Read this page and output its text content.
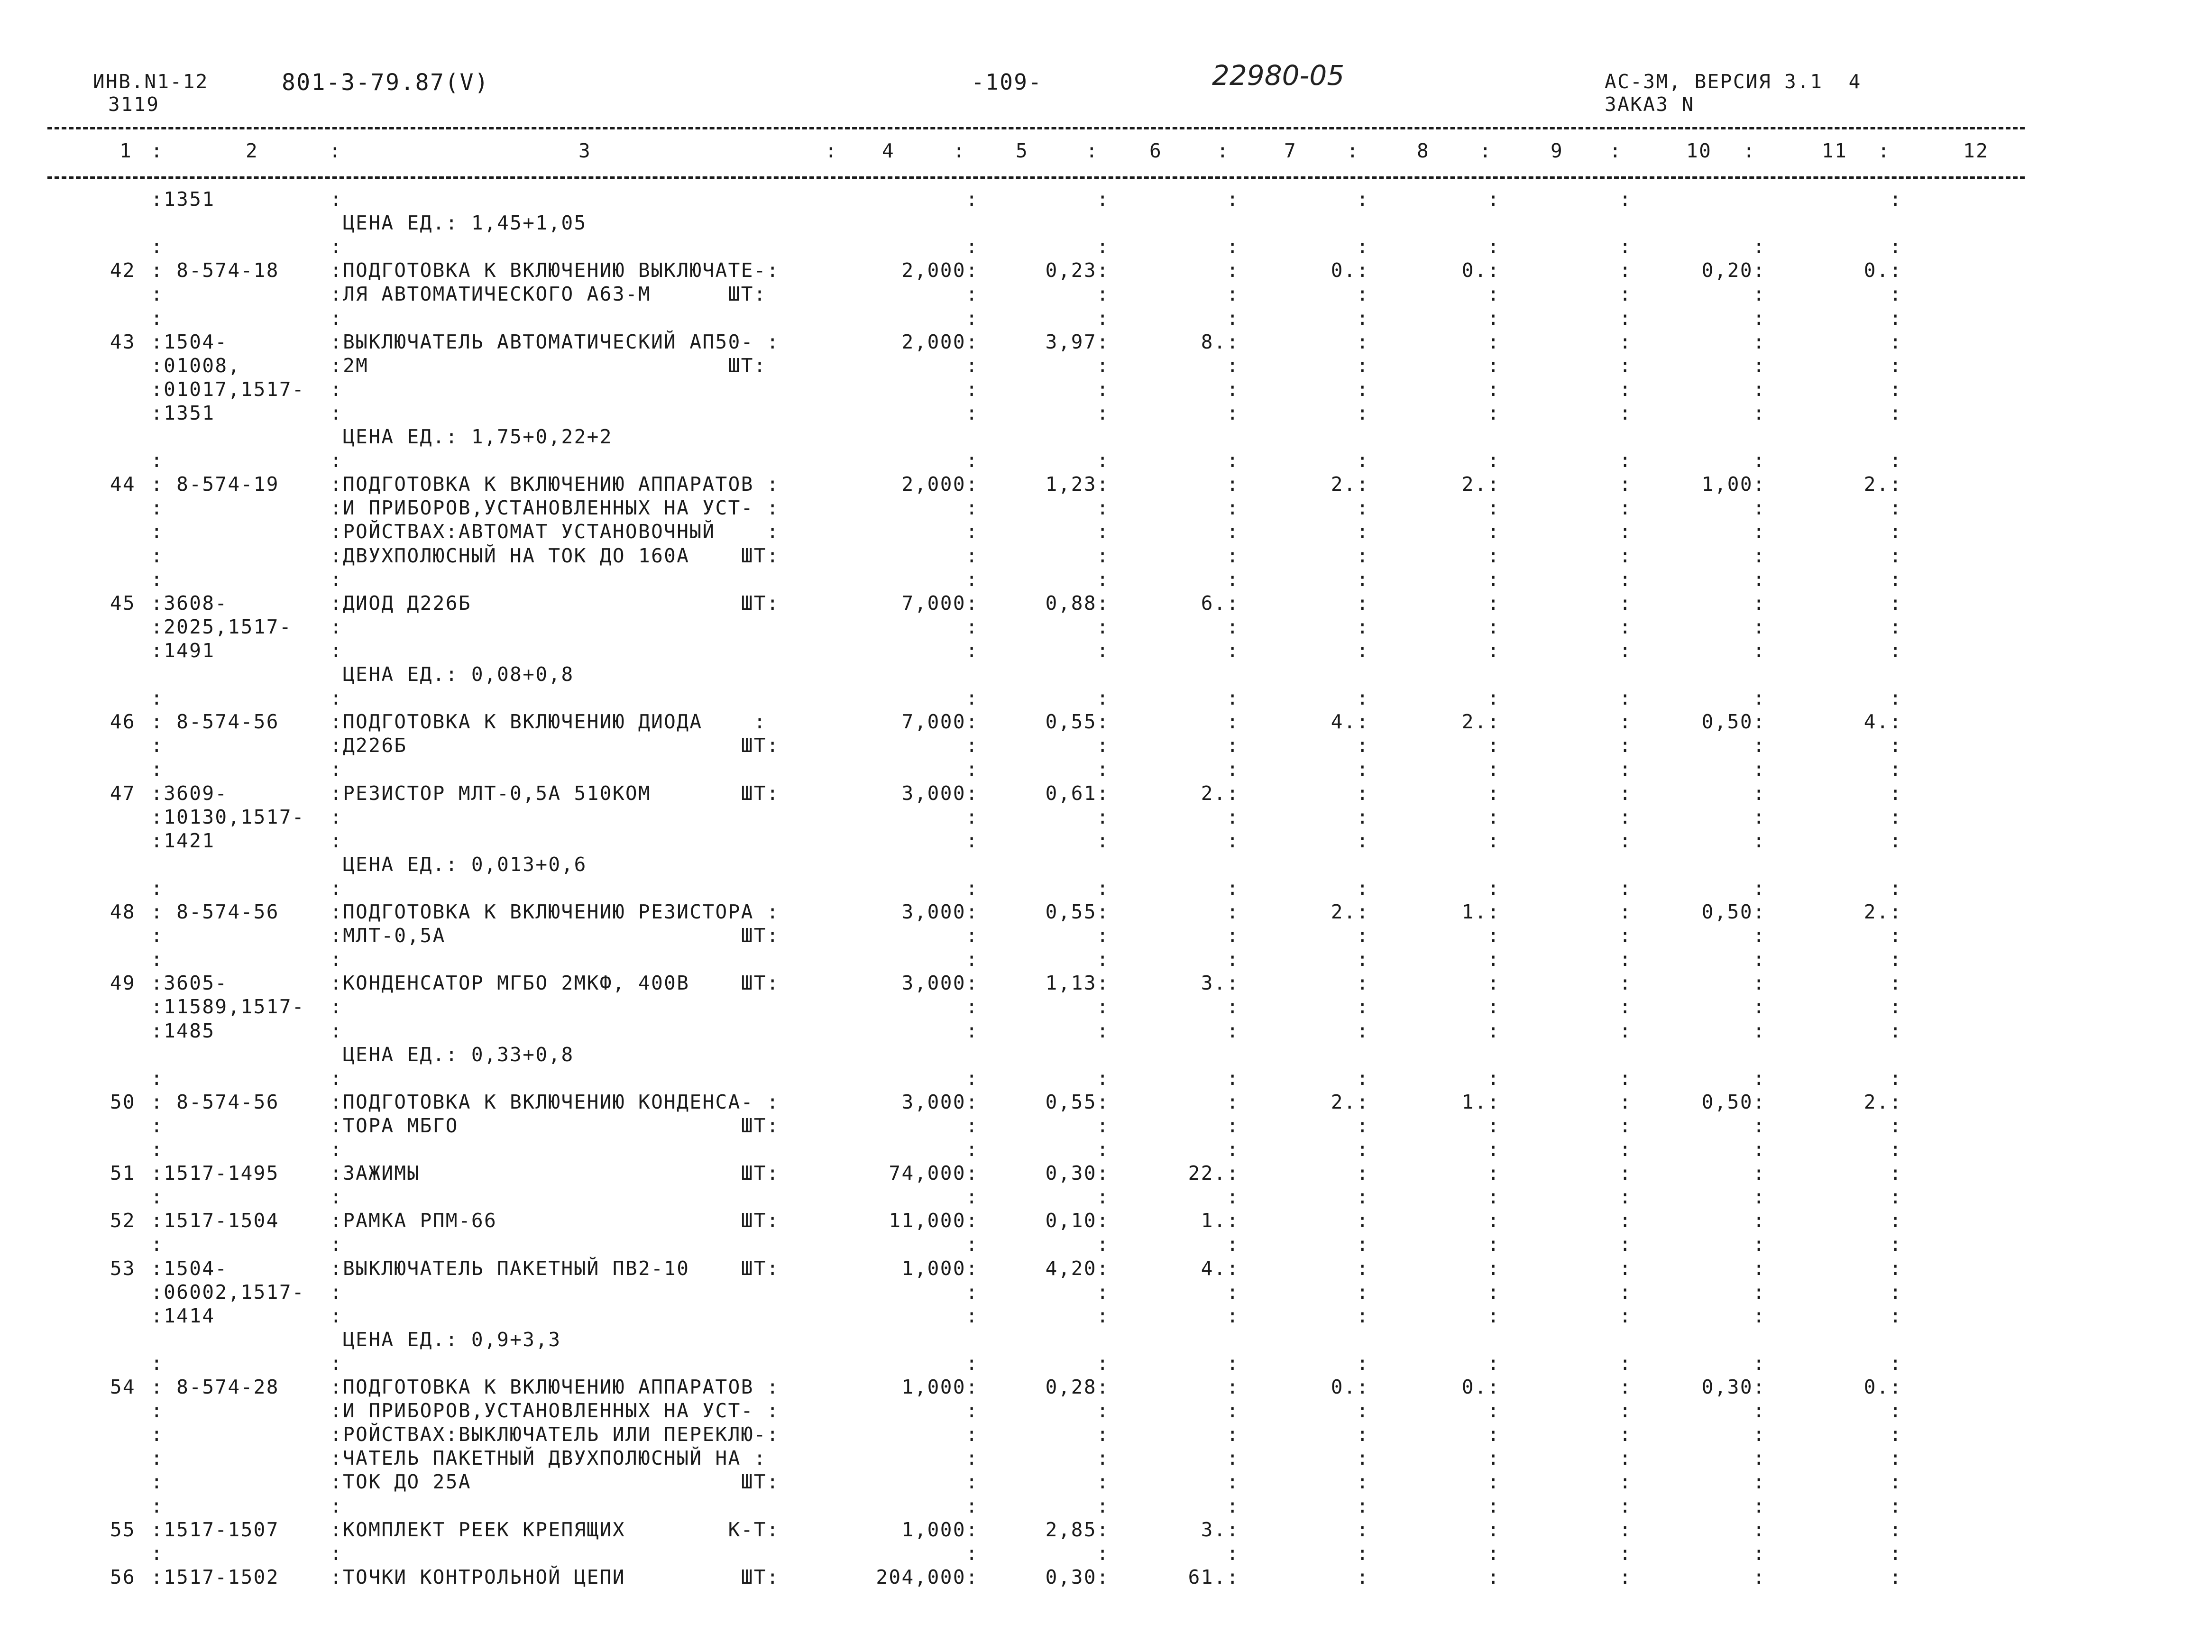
ИНВ.N1-12
3119
801-3-79.87(V)	-109-	22980-05	АС-3М, ВЕРСИЯ 3.1  4
ЗАКАЗ N
1	2	3	4	5	6	7	8	9	10	11	12
:	:	:	:	:	:	:	:	:	:	:
:1351	:	:	:	:	:	:	:	:
ЦЕНА ЕД.: 1,45+1,05
:	:	:	:	:	:	:	:	:	:
42 : 8-574-18	:ПОДГОТОВКА К ВКЛЮЧЕНИЮ ВЫКЛЮЧАТЕ-:	2,000:	0,23:	:	0.:	0.:	:	0,20:	0.:
:	:ЛЯ АВТОМАТИЧЕСКОГО А63-М      ШТ:	:	:	:	:	:	:	:	:
:	:	:	:	:	:	:	:	:	:
43 :1504-	:ВЫКЛЮЧАТЕЛЬ АВТОМАТИЧЕСКИЙ АП50- :	2,000:	3,97:	8.:	:	:	:	:	:
:01008,	:2М                            ШТ:	:	:	:	:	:	:	:	:
:01017,1517- :	:	:	:	:	:	:	:	:
:1351	:	:	:	:	:	:	:	:	:
ЦЕНА ЕД.: 1,75+0,22+2
:	:	:	:	:	:	:	:	:	:
44 : 8-574-19	:ПОДГОТОВКА К ВКЛЮЧЕНИЮ АППАРАТОВ :	2,000:	1,23:	:	2.:	2.:	:	1,00:	2.:
:	:И ПРИБОРОВ,УСТАНОВЛЕННЫХ НА УСТ- :	:	:	:	:	:	:	:	:
:	:РОЙСТВАХ:АВТОМАТ УСТАНОВОЧНЫЙ    :	:	:	:	:	:	:	:	:
:	:ДВУХПОЛЮСНЫЙ НА ТОК ДО 160А    ШТ:	:	:	:	:	:	:	:	:
:	:	:	:	:	:	:	:	:	:
45 :3608-	:ДИОД Д226Б                     ШТ:	7,000:	0,88:	6.:	:	:	:	:	:
:2025,1517- :	:	:	:	:	:	:	:	:
:1491	:	:	:	:	:	:	:	:	:
ЦЕНА ЕД.: 0,08+0,8
:	:	:	:	:	:	:	:	:	:
46 : 8-574-56	:ПОДГОТОВКА К ВКЛЮЧЕНИЮ ДИОДА    :	7,000:	0,55:	:	4.:	2.:	:	0,50:	4.:
:	:Д226Б                          ШТ:	:	:	:	:	:	:	:	:
:	:	:	:	:	:	:	:	:	:
47 :3609-	:РЕЗИСТОР МЛТ-0,5А 510КОМ       ШТ:	3,000:	0,61:	2.:	:	:	:	:	:
:10130,1517- :	:	:	:	:	:	:	:	:
:1421	:	:	:	:	:	:	:	:	:
ЦЕНА ЕД.: 0,013+0,6
:	:	:	:	:	:	:	:	:	:
48 : 8-574-56	:ПОДГОТОВКА К ВКЛЮЧЕНИЮ РЕЗИСТОРА :	3,000:	0,55:	:	2.:	1.:	:	0,50:	2.:
:	:МЛТ-0,5А                       ШТ:	:	:	:	:	:	:	:	:
:	:	:	:	:	:	:	:	:	:
49 :3605-	:КОНДЕНСАТОР МГБО 2МКФ, 400В    ШТ:	3,000:	1,13:	3.:	:	:	:	:	:
:11589,1517- :	:	:	:	:	:	:	:	:
:1485	:	:	:	:	:	:	:	:	:
ЦЕНА ЕД.: 0,33+0,8
:	:	:	:	:	:	:	:	:	:
50 : 8-574-56	:ПОДГОТОВКА К ВКЛЮЧЕНИЮ КОНДЕНСА- :	3,000:	0,55:	:	2.:	1.:	:	0,50:	2.:
:	:ТОРА МБГО                      ШТ:	:	:	:	:	:	:	:	:
:	:	:	:	:	:	:	:	:	:
51 :1517-1495	:ЗАЖИМЫ                         ШТ:	74,000:	0,30:	22.:	:	:	:	:	:
:	:	:	:	:	:	:	:	:	:
52 :1517-1504	:РАМКА РПМ-66                   ШТ:	11,000:	0,10:	1.:	:	:	:	:	:
:	:	:	:	:	:	:	:	:	:
53 :1504-	:ВЫКЛЮЧАТЕЛЬ ПАКЕТНЫЙ ПВ2-10    ШТ:	1,000:	4,20:	4.:	:	:	:	:	:
:06002,1517- :	:	:	:	:	:	:	:	:
:1414	:	:	:	:	:	:	:	:	:
ЦЕНА ЕД.: 0,9+3,3
:	:	:	:	:	:	:	:	:	:
54 : 8-574-28	:ПОДГОТОВКА К ВКЛЮЧЕНИЮ АППАРАТОВ :	1,000:	0,28:	:	0.:	0.:	:	0,30:	0.:
:	:И ПРИБОРОВ,УСТАНОВЛЕННЫХ НА УСТ- :	:	:	:	:	:	:	:	:
:	:РОЙСТВАХ:ВЫКЛЮЧАТЕЛЬ ИЛИ ПЕРЕКЛЮ-:	:	:	:	:	:	:	:	:
:	:ЧАТЕЛЬ ПАКЕТНЫЙ ДВУХПОЛЮСНЫЙ НА :	:	:	:	:	:	:	:	:
:	:ТОК ДО 25А                     ШТ:	:	:	:	:	:	:	:	:
:	:	:	:	:	:	:	:	:	:
55 :1517-1507	:КОМПЛЕКТ РЕЕК КРЕПЯЩИХ        К-Т:	1,000:	2,85:	3.:	:	:	:	:	:
:	:	:	:	:	:	:	:	:	:
56 :1517-1502	:ТОЧКИ КОНТРОЛЬНОЙ ЦЕПИ         ШТ:	204,000:	0,30:	61.:	:	:	:	:	:
